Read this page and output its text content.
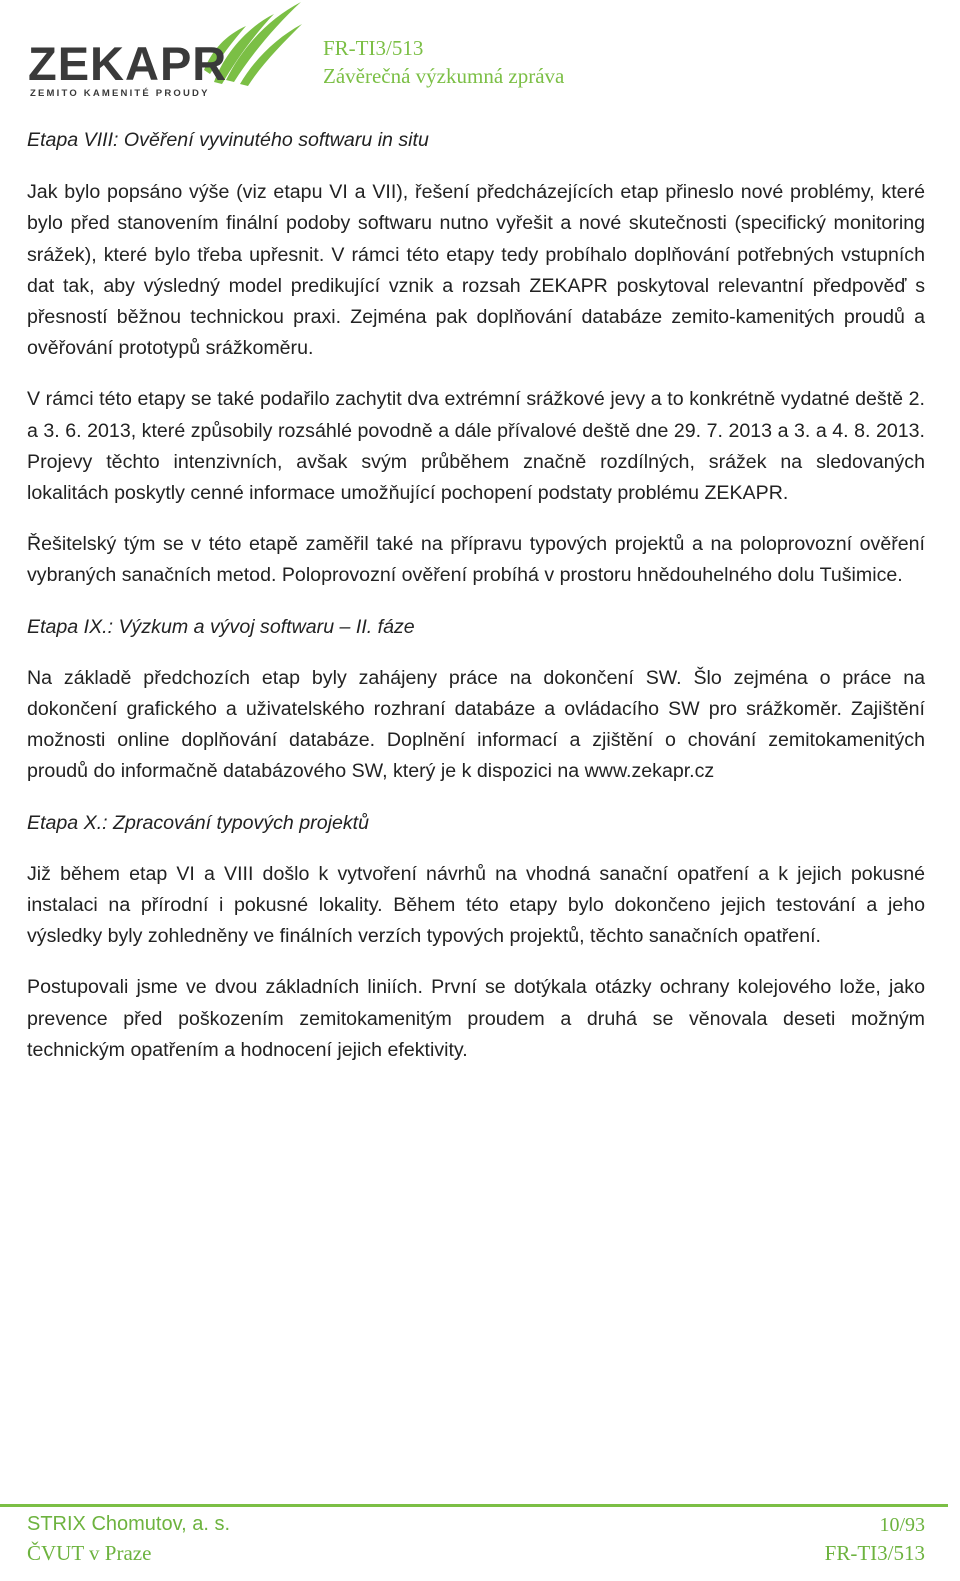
ZEKAPR
ZEMITO KAMENITÉ PROUDY
FR-TI3/513
Závěrečná výzkumná zpráva

Etapa VIII: Ověření vyvinutého softwaru in situ

Jak bylo popsáno výše (viz etapu VI a VII), řešení předcházejících etap přineslo nové problémy, které bylo před stanovením finální podoby softwaru nutno vyřešit a nové skutečnosti (specifický monitoring srážek), které bylo třeba upřesnit. V rámci této etapy tedy probíhalo doplňování potřebných vstupních dat tak, aby výsledný model predikující vznik a rozsah ZEKAPR poskytoval relevantní předpověď s přesností běžnou technickou praxi. Zejména pak doplňování databáze zemito-kamenitých proudů a ověřování prototypů srážkoměru.

V rámci této etapy se také podařilo zachytit dva extrémní srážkové jevy a to konkrétně vydatné deště 2. a 3. 6. 2013, které způsobily rozsáhlé povodně a dále přívalové deště dne 29. 7. 2013 a 3. a 4. 8. 2013. Projevy těchto intenzivních, avšak svým průběhem značně rozdílných, srážek na sledovaných lokalitách poskytly cenné informace umožňující pochopení podstaty problému ZEKAPR.

Řešitelský tým se v této etapě zaměřil také na přípravu typových projektů a na poloprovozní ověření vybraných sanačních metod. Poloprovozní ověření probíhá v prostoru hnědouhelného dolu Tušimice.

Etapa IX.: Výzkum a vývoj softwaru – II. fáze

Na základě předchozích etap byly zahájeny práce na dokončení SW. Šlo zejména o práce na dokončení grafického a uživatelského rozhraní databáze a ovládacího SW pro srážkoměr. Zajištění možnosti online doplňování databáze. Doplnění informací a zjištění o chování zemitokamenitých proudů do informačně databázového SW, který je k dispozici na www.zekapr.cz

Etapa X.: Zpracování typových projektů

Již během etap VI a VIII došlo k vytvoření návrhů na vhodná sanační opatření a k jejich pokusné instalaci na přírodní i pokusné lokality. Během této etapy bylo dokončeno jejich testování a jeho výsledky byly zohledněny ve finálních verzích typových projektů, těchto sanačních opatření.

Postupovali jsme ve dvou základních liniích. První se dotýkala otázky ochrany kolejového lože, jako prevence před poškozením zemitokamenitým proudem a druhá se věnovala deseti možným technickým opatřením a hodnocení jejich efektivity.

STRIX Chomutov, a. s.
ČVUT v Praze
10/93
FR-TI3/513
